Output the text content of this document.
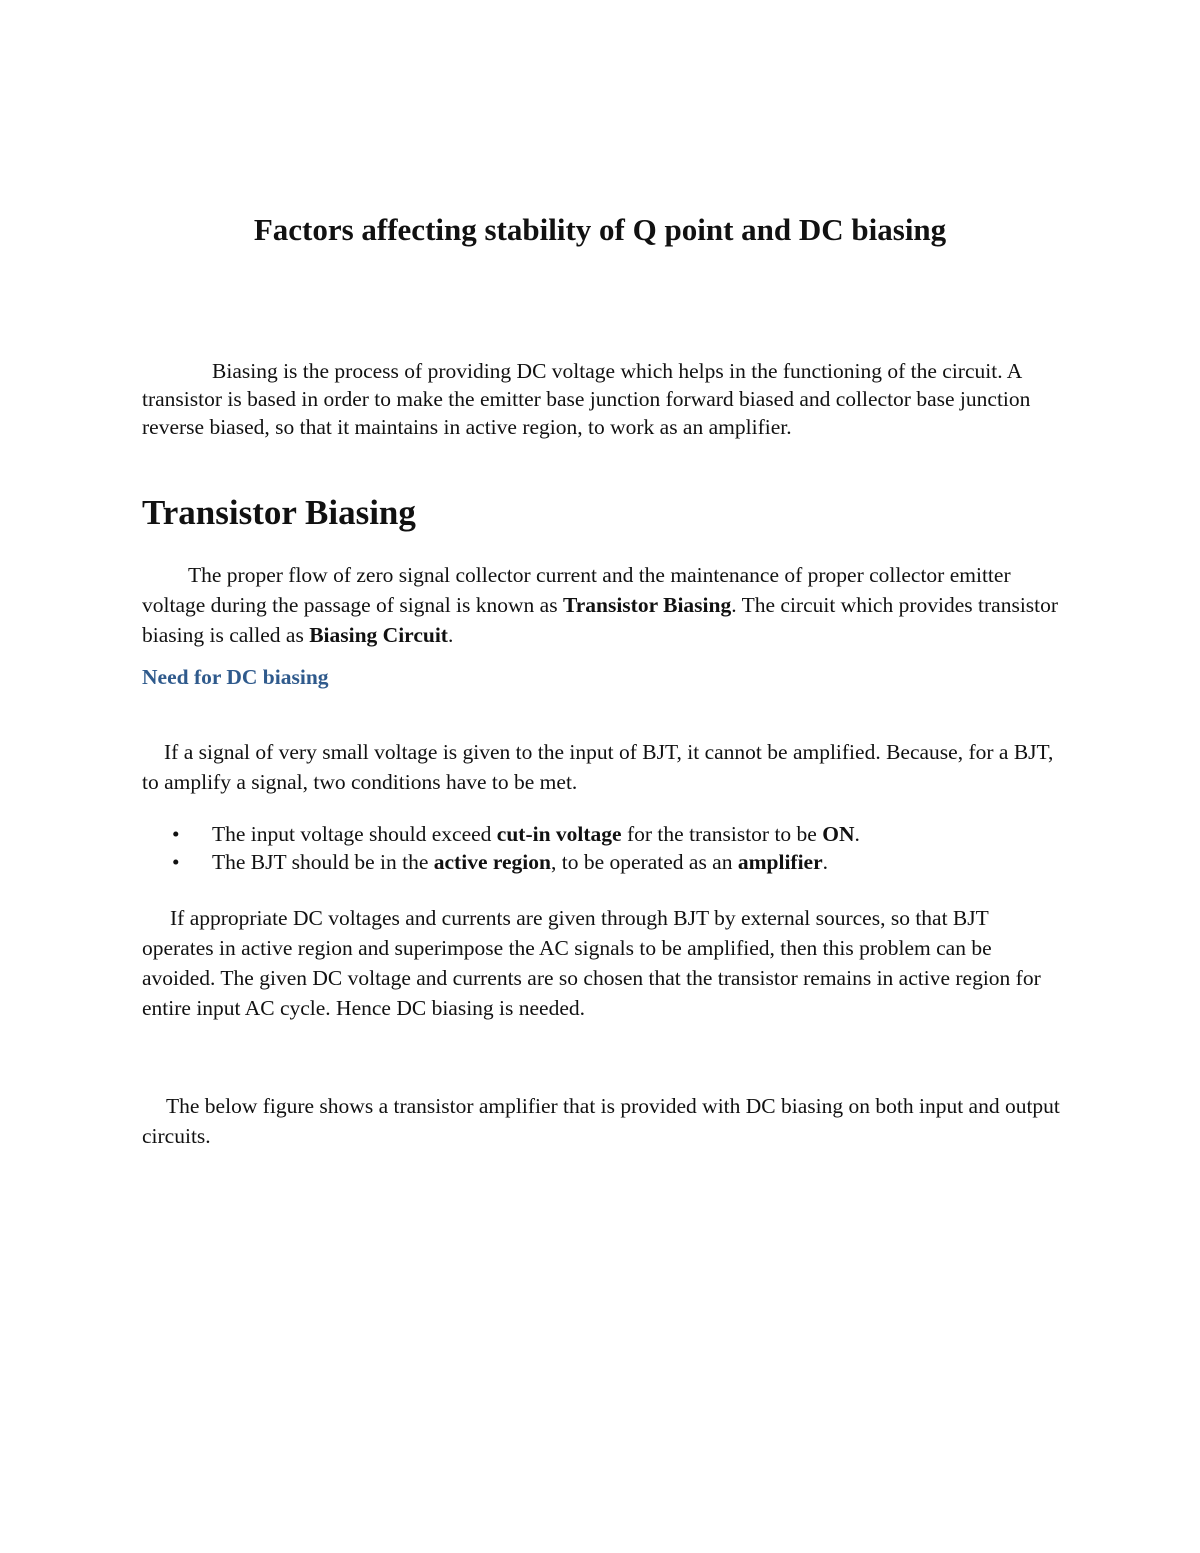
Factors affecting stability of Q point and DC biasing

Biasing is the process of providing DC voltage which helps in the functioning of the circuit. A transistor is based in order to make the emitter base junction forward biased and collector base junction reverse biased, so that it maintains in active region, to work as an amplifier.

Transistor Biasing

The proper flow of zero signal collector current and the maintenance of proper collector emitter voltage during the passage of signal is known as Transistor Biasing. The circuit which provides transistor biasing is called as Biasing Circuit.

Need for DC biasing

If a signal of very small voltage is given to the input of BJT, it cannot be amplified. Because, for a BJT, to amplify a signal, two conditions have to be met.

• The input voltage should exceed cut-in voltage for the transistor to be ON.
• The BJT should be in the active region, to be operated as an amplifier.

If appropriate DC voltages and currents are given through BJT by external sources, so that BJT operates in active region and superimpose the AC signals to be amplified, then this problem can be avoided. The given DC voltage and currents are so chosen that the transistor remains in active region for entire input AC cycle. Hence DC biasing is needed.

The below figure shows a transistor amplifier that is provided with DC biasing on both input and output circuits.
